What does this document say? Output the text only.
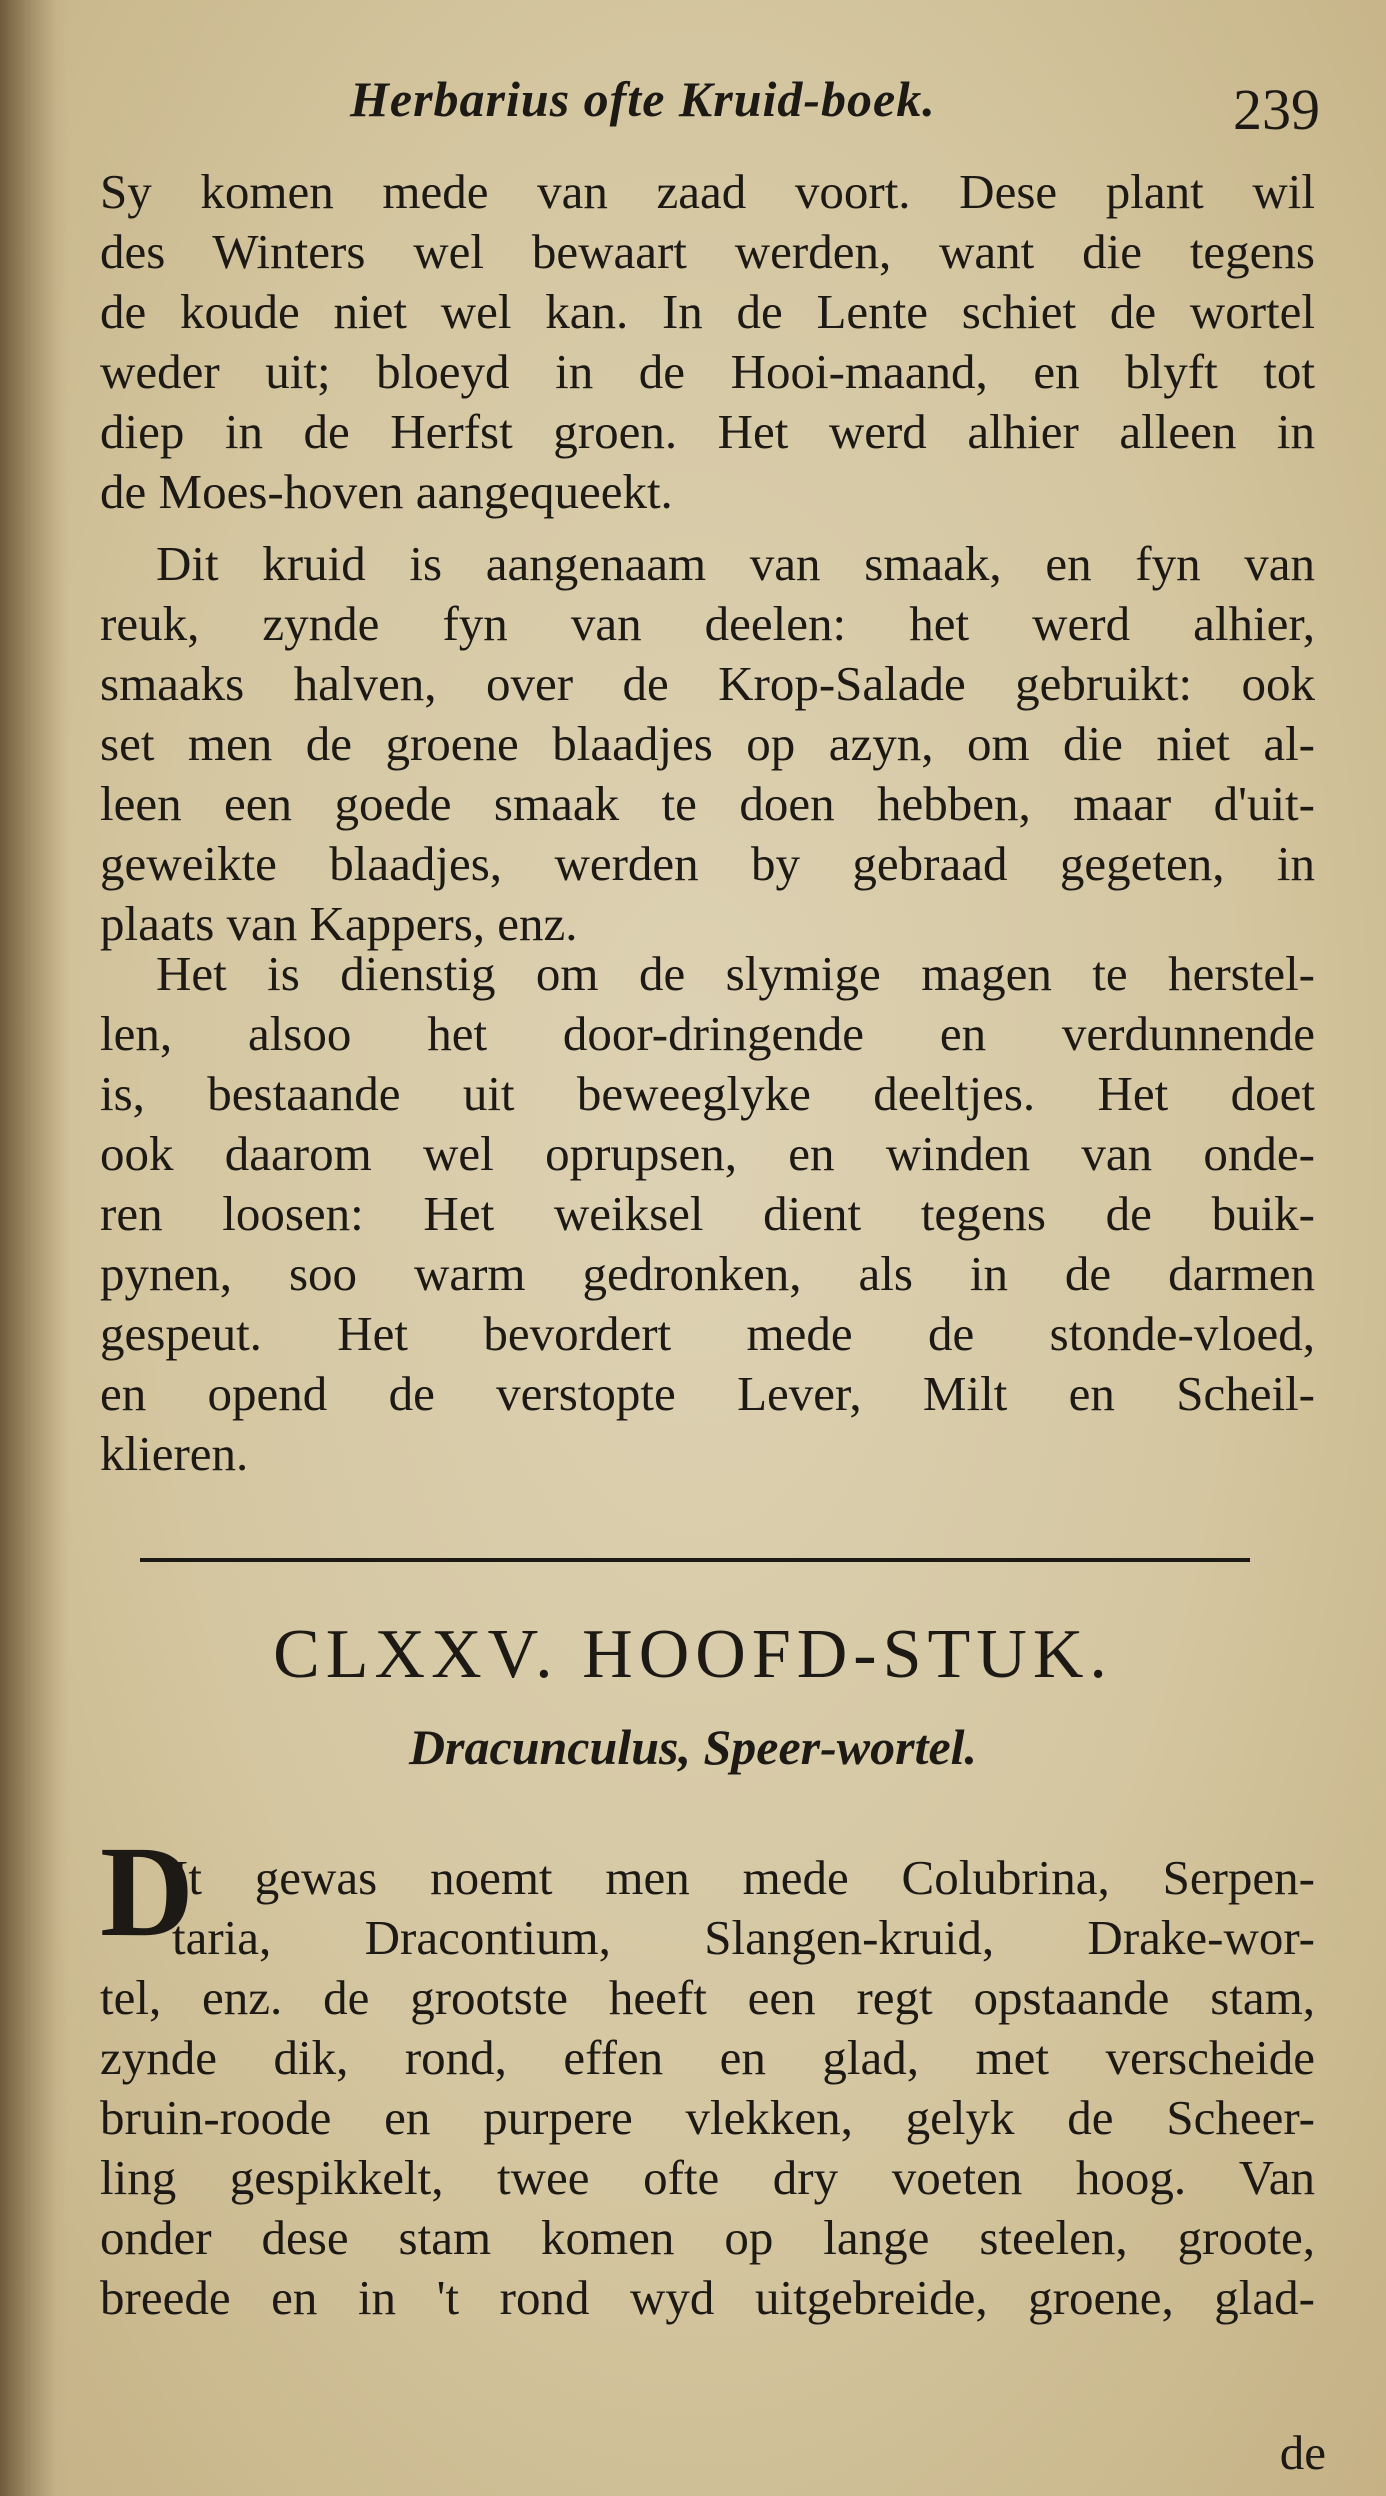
Herbarius ofte Kruid-boek.	239
Sy komen mede van zaad voort. Dese plant wil
des Winters wel bewaart werden, want die tegens
de koude niet wel kan. In de Lente schiet de wortel
weder uit; bloeyd in de Hooi-maand, en blyft tot
diep in de Herfst groen. Het werd alhier alleen in
de Moes-hoven aangequeekt.
Dit kruid is aangenaam van smaak, en fyn van
reuk, zynde fyn van deelen: het werd alhier,
smaaks halven, over de Krop-Salade gebruikt: ook
set men de groene blaadjes op azyn, om die niet al-
leen een goede smaak te doen hebben, maar d'uit-
geweikte blaadjes, werden by gebraad gegeten, in
plaats van Kappers, enz.
Het is dienstig om de slymige magen te herstel-
len, alsoo het door-dringende en verdunnende
is, bestaande uit beweeglyke deeltjes. Het doet
ook daarom wel oprupsen, en winden van onde-
ren loosen: Het weiksel dient tegens de buik-
pynen, soo warm gedronken, als in de darmen
gespeut. Het bevordert mede de stonde-vloed,
en opend de verstopte Lever, Milt en Scheil-
klieren.
CLXXV. HOOFD-STUK.
Dracunculus, Speer-wortel.
D
It gewas noemt men mede Colubrina, Serpen-
taria, Dracontium, Slangen-kruid, Drake-wor-
tel, enz. de grootste heeft een regt opstaande stam,
zynde dik, rond, effen en glad, met verscheide
bruin-roode en purpere vlekken, gelyk de Scheer-
ling gespikkelt, twee ofte dry voeten hoog. Van
onder dese stam komen op lange steelen, groote,
breede en in 't rond wyd uitgebreide, groene, glad-
de
